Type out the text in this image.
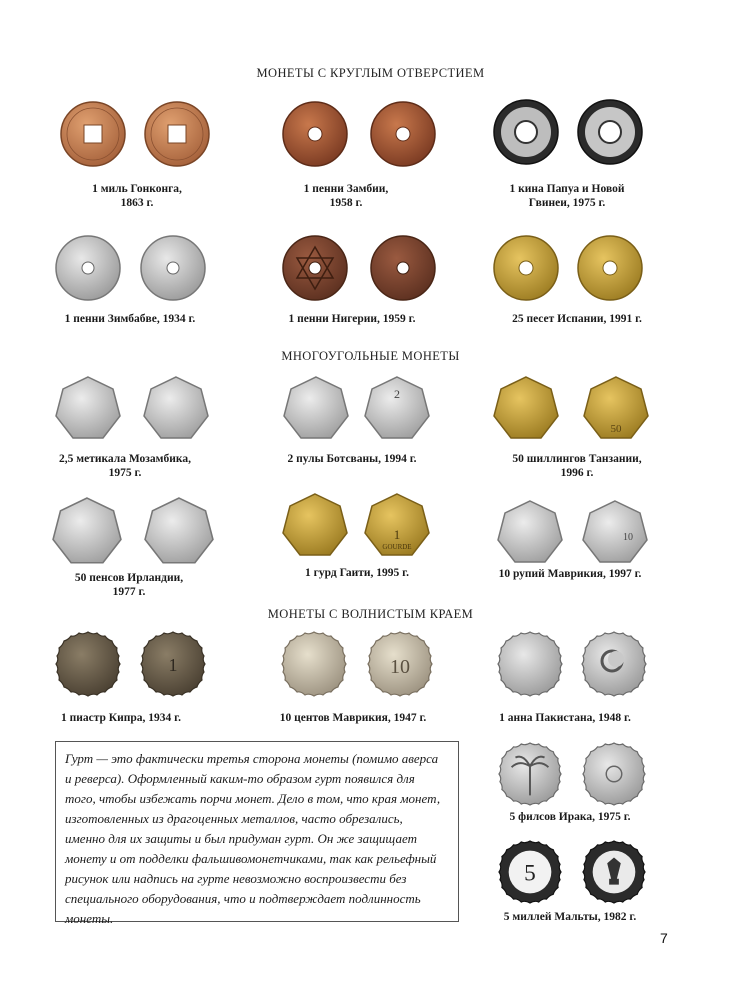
МОНЕТЫ С КРУГЛЫМ ОТВЕРСТИЕМ
МНОГОУГОЛЬНЫЕ МОНЕТЫ
МОНЕТЫ С ВОЛНИСТЫМ КРАЕМ
1 миль Гонконга,
1863 г.
1 пенни Замбии,
1958 г.
1 кина Папуа и Новой
Гвинеи, 1975 г.
1 пенни Зимбабве, 1934 г.	1 пенни Нигерии, 1959 г.	25 песет Испании, 1991 г.
2,5 метикала Мозамбика,
1975 г.
2
2 пулы Ботсваны, 1994 г.
50
50 шиллингов Танзании,
1996 г.
50 пенсов Ирландии,
1977 г.
1
GOURDE
1 гурд Гаити, 1995 г.
10
10 рупий Маврикия, 1997 г.
1
1 пиастр Кипра, 1934 г.
10
10 центов Маврикия, 1947 г.	1 анна Пакистана, 1948 г.
Гурт — это фактически третья сторона монеты (помимо аверса
и реверса). Оформленный каким-то образом гурт появился для
того, чтобы избежать порчи монет. Дело в том, что края монет,
изготовленных из драгоценных металлов, часто обрезались,
именно для их защиты и был придуман гурт. Он же защищает
монету и от подделки фальшивомонетчиками, так как рельефный
рисунок или надпись на гурте невозможно воспроизвести без
специального оборудования, что и подтверждает подлинность
монеты.
5 филсов Ирака, 1975 г.
5
5 миллей Мальты, 1982 г.
7
